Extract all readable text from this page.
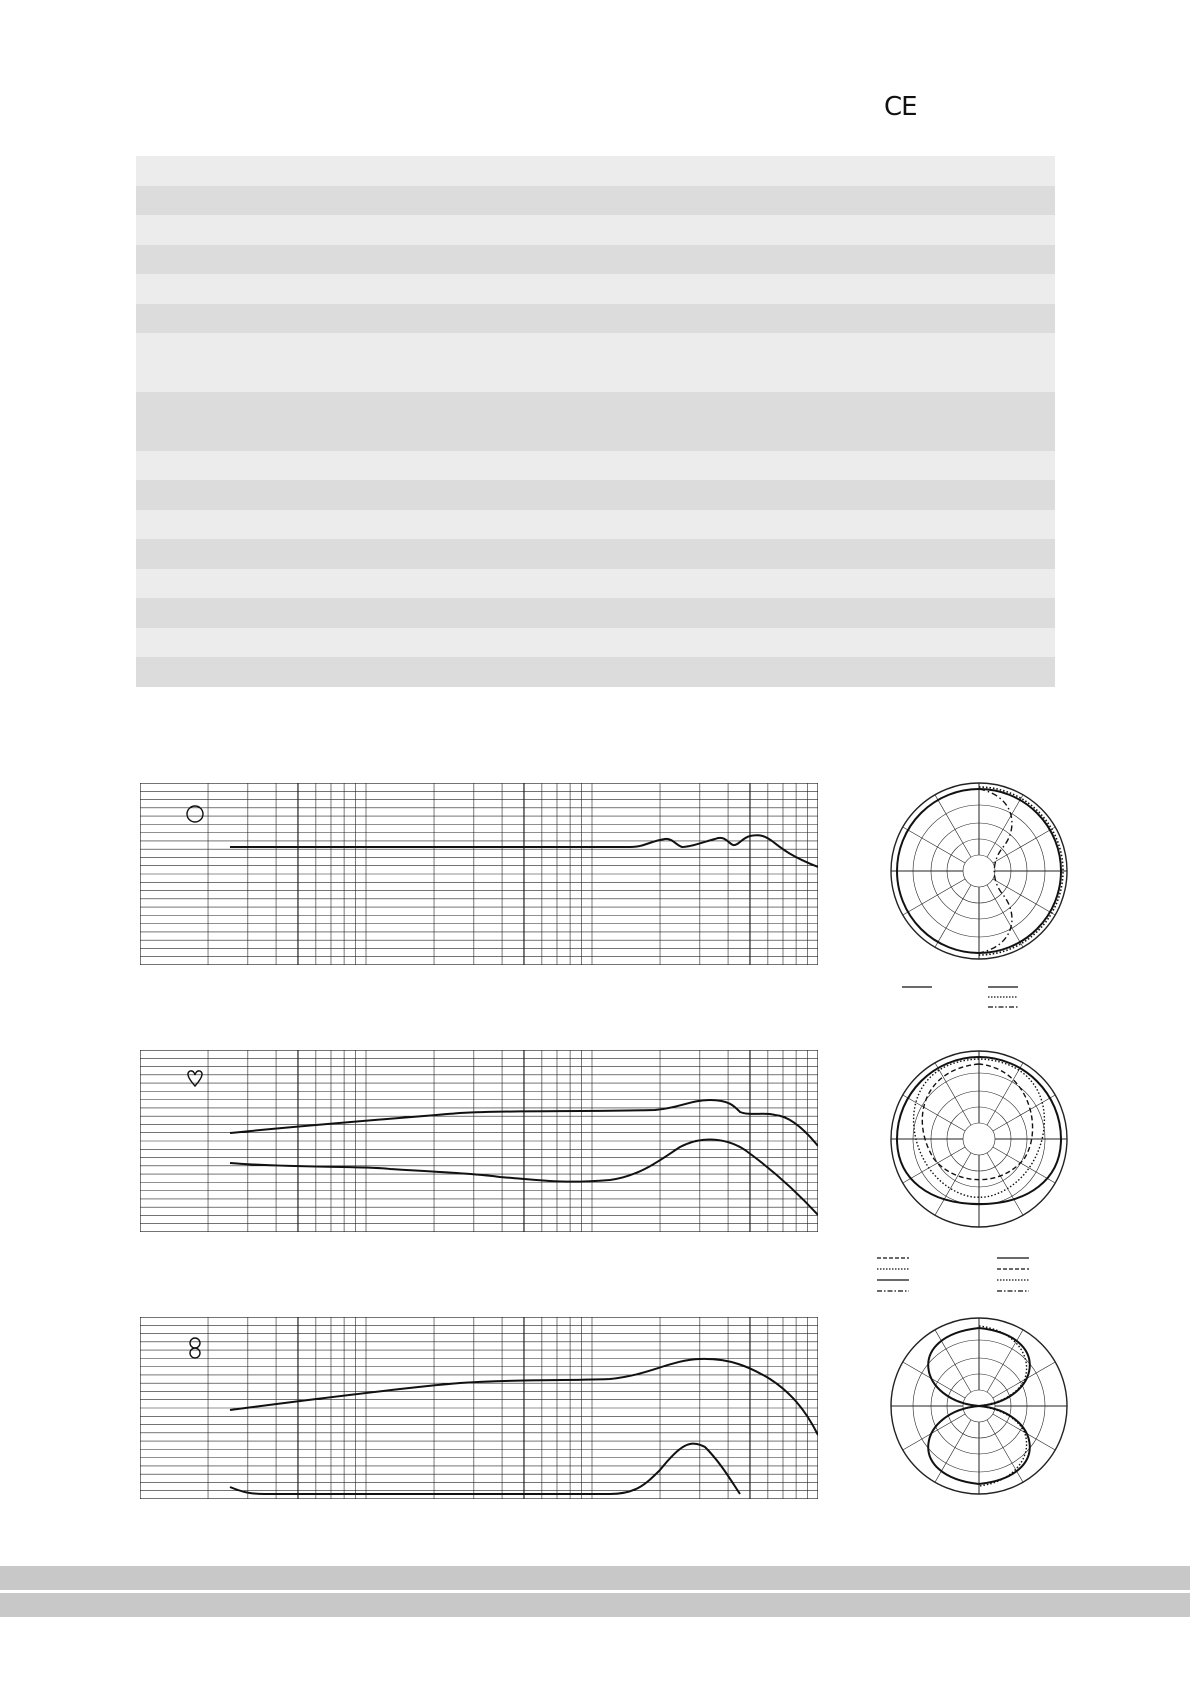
CE
